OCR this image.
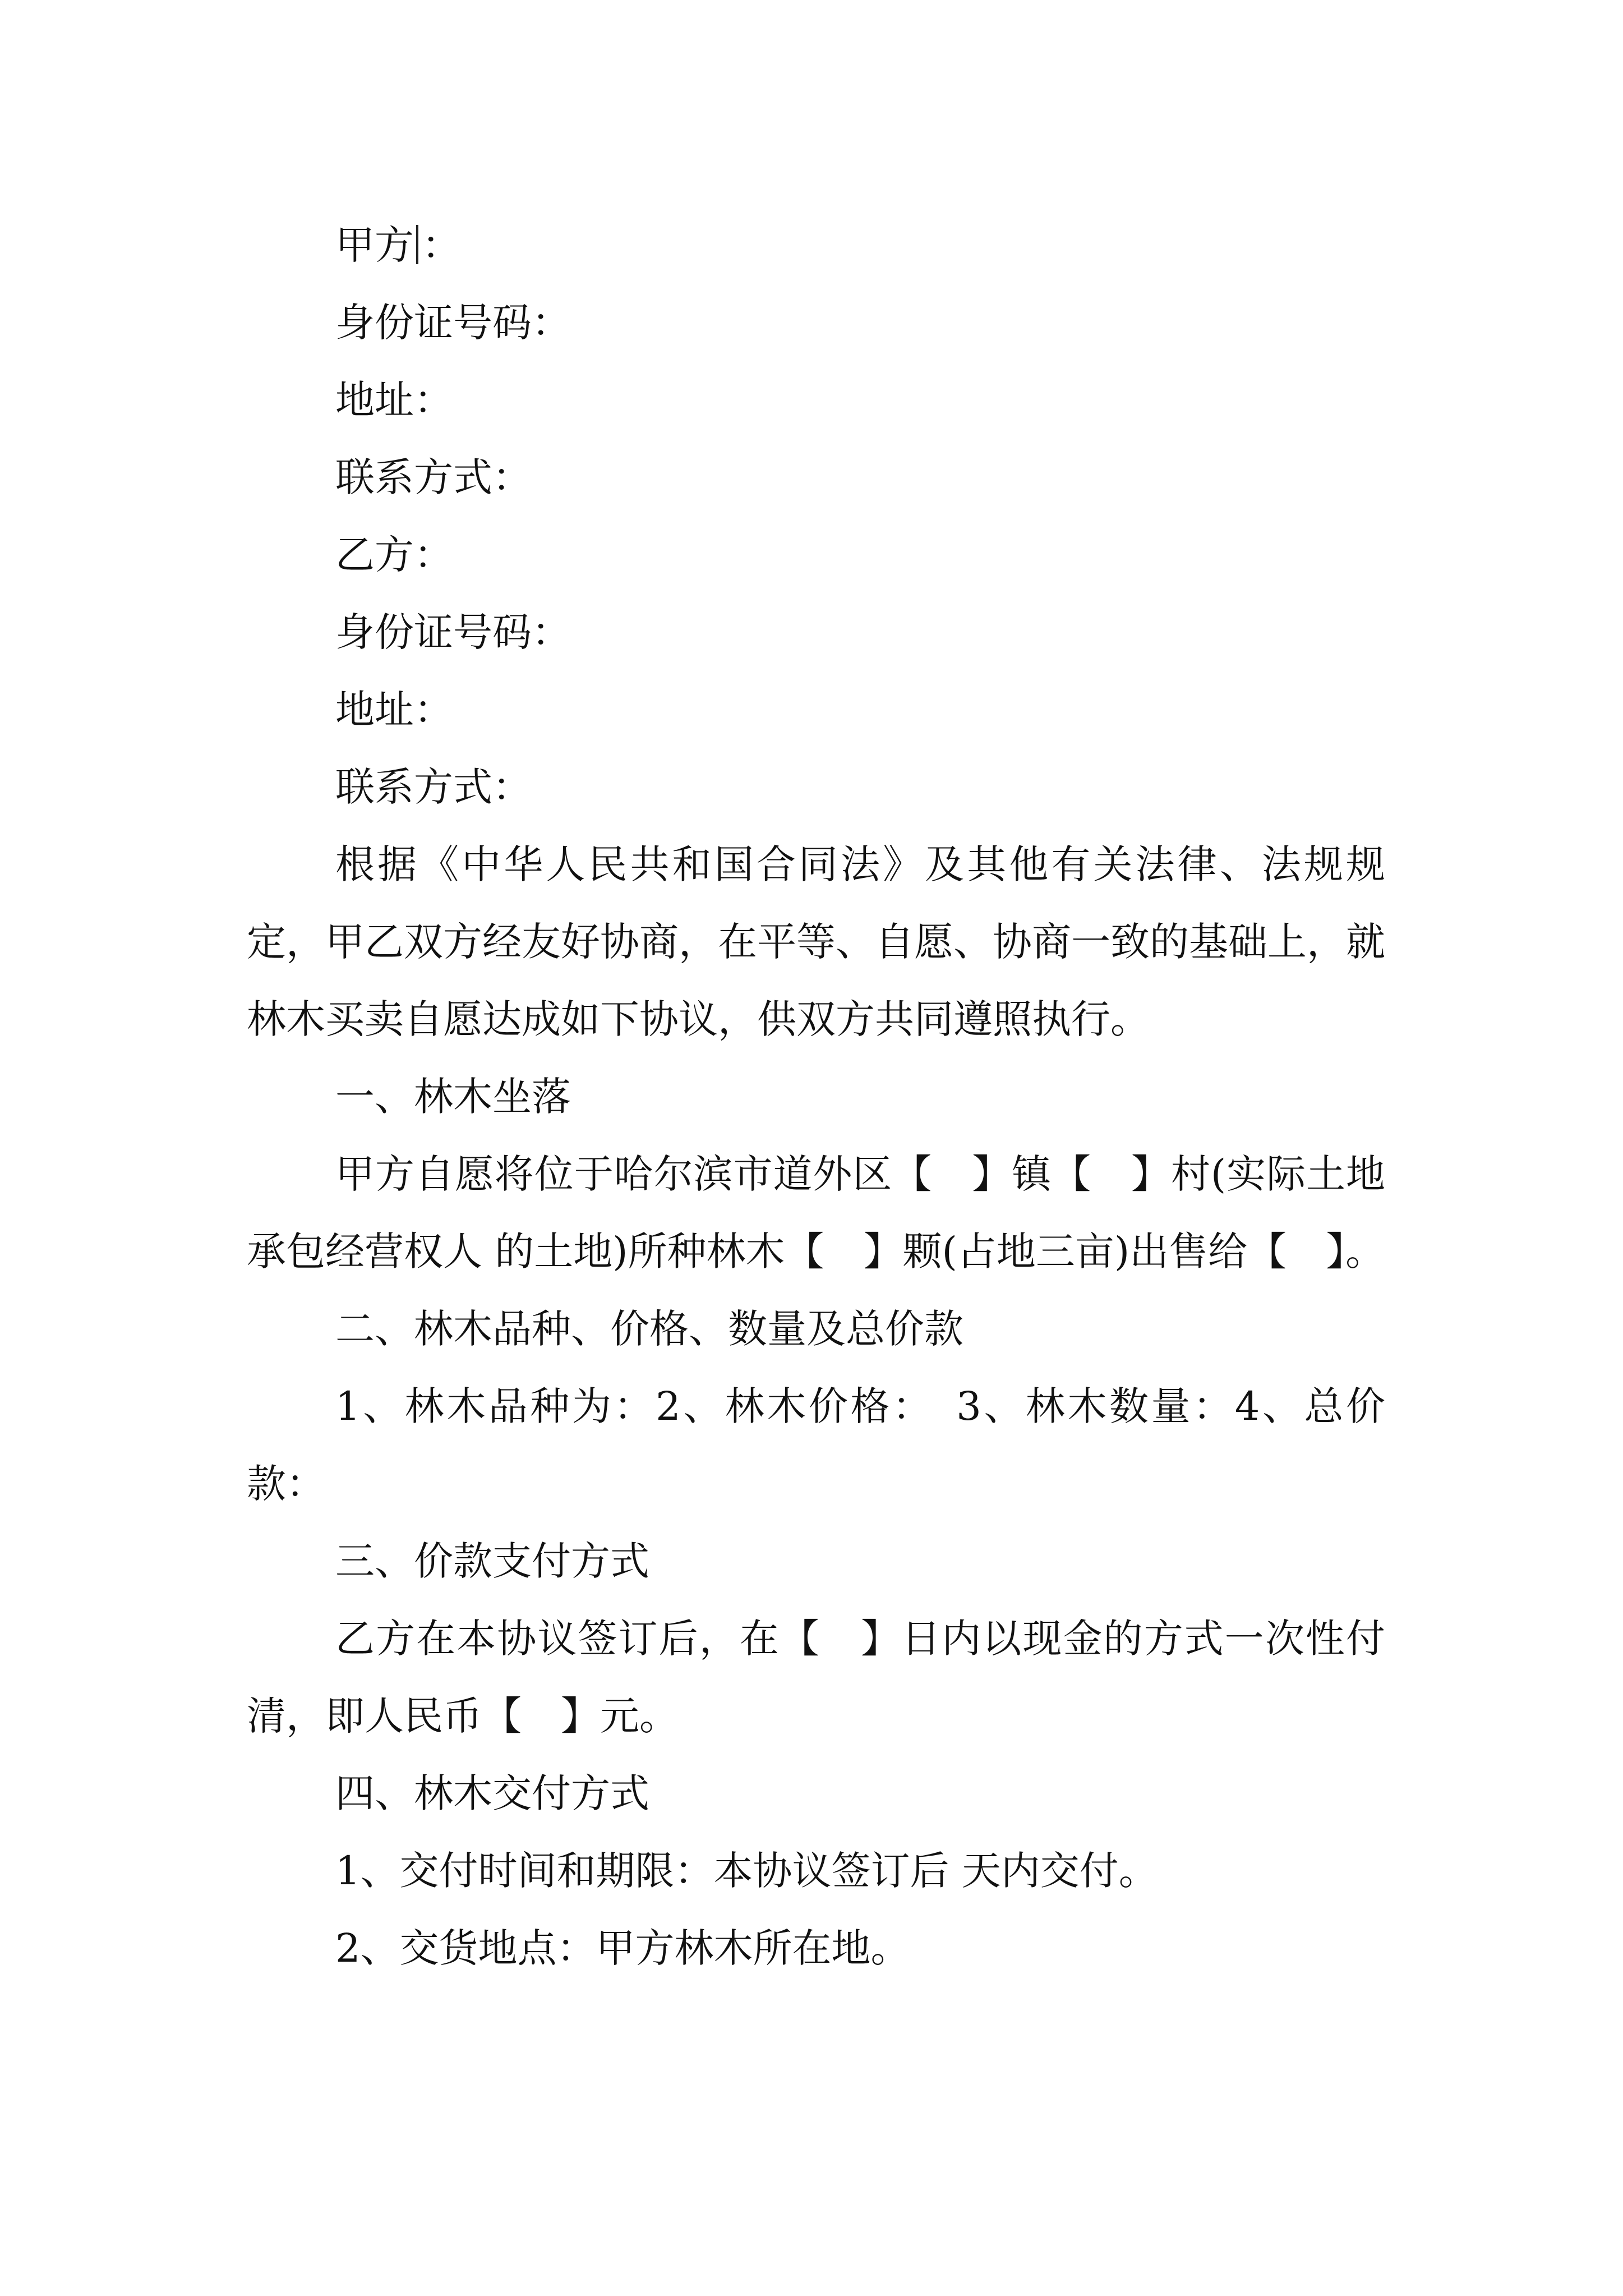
甲方 ：
身份证号码：
地址：
联系方式：
乙方：
身份证号码：
地址：
联系方式：

根据《中华人民共和国合同法》及其他有关法律、法规规定，甲乙双方经友好协商，在平等、自愿、协商一致的基础上，就林木买卖自愿达成如下协议，供双方共同遵照执行。

一、林木坐落

甲方自愿将位于哈尔滨市道外区【　】镇【　】村(实际土地承包经营权人 的土地)所种林木【　】颗(占地三亩)出售给【　】。

二、林木品种、价格、数量及总价款

1、林木品种为：2、林木价格：　3、林木数量：4、总价款：

三、价款支付方式

乙方在本协议签订后，在【　】日内以现金的方式一次性付清，即人民币【　】元。

四、林木交付方式
1、交付时间和期限：本协议签订后 天内交付。
2、交货地点：甲方林木所在地。
